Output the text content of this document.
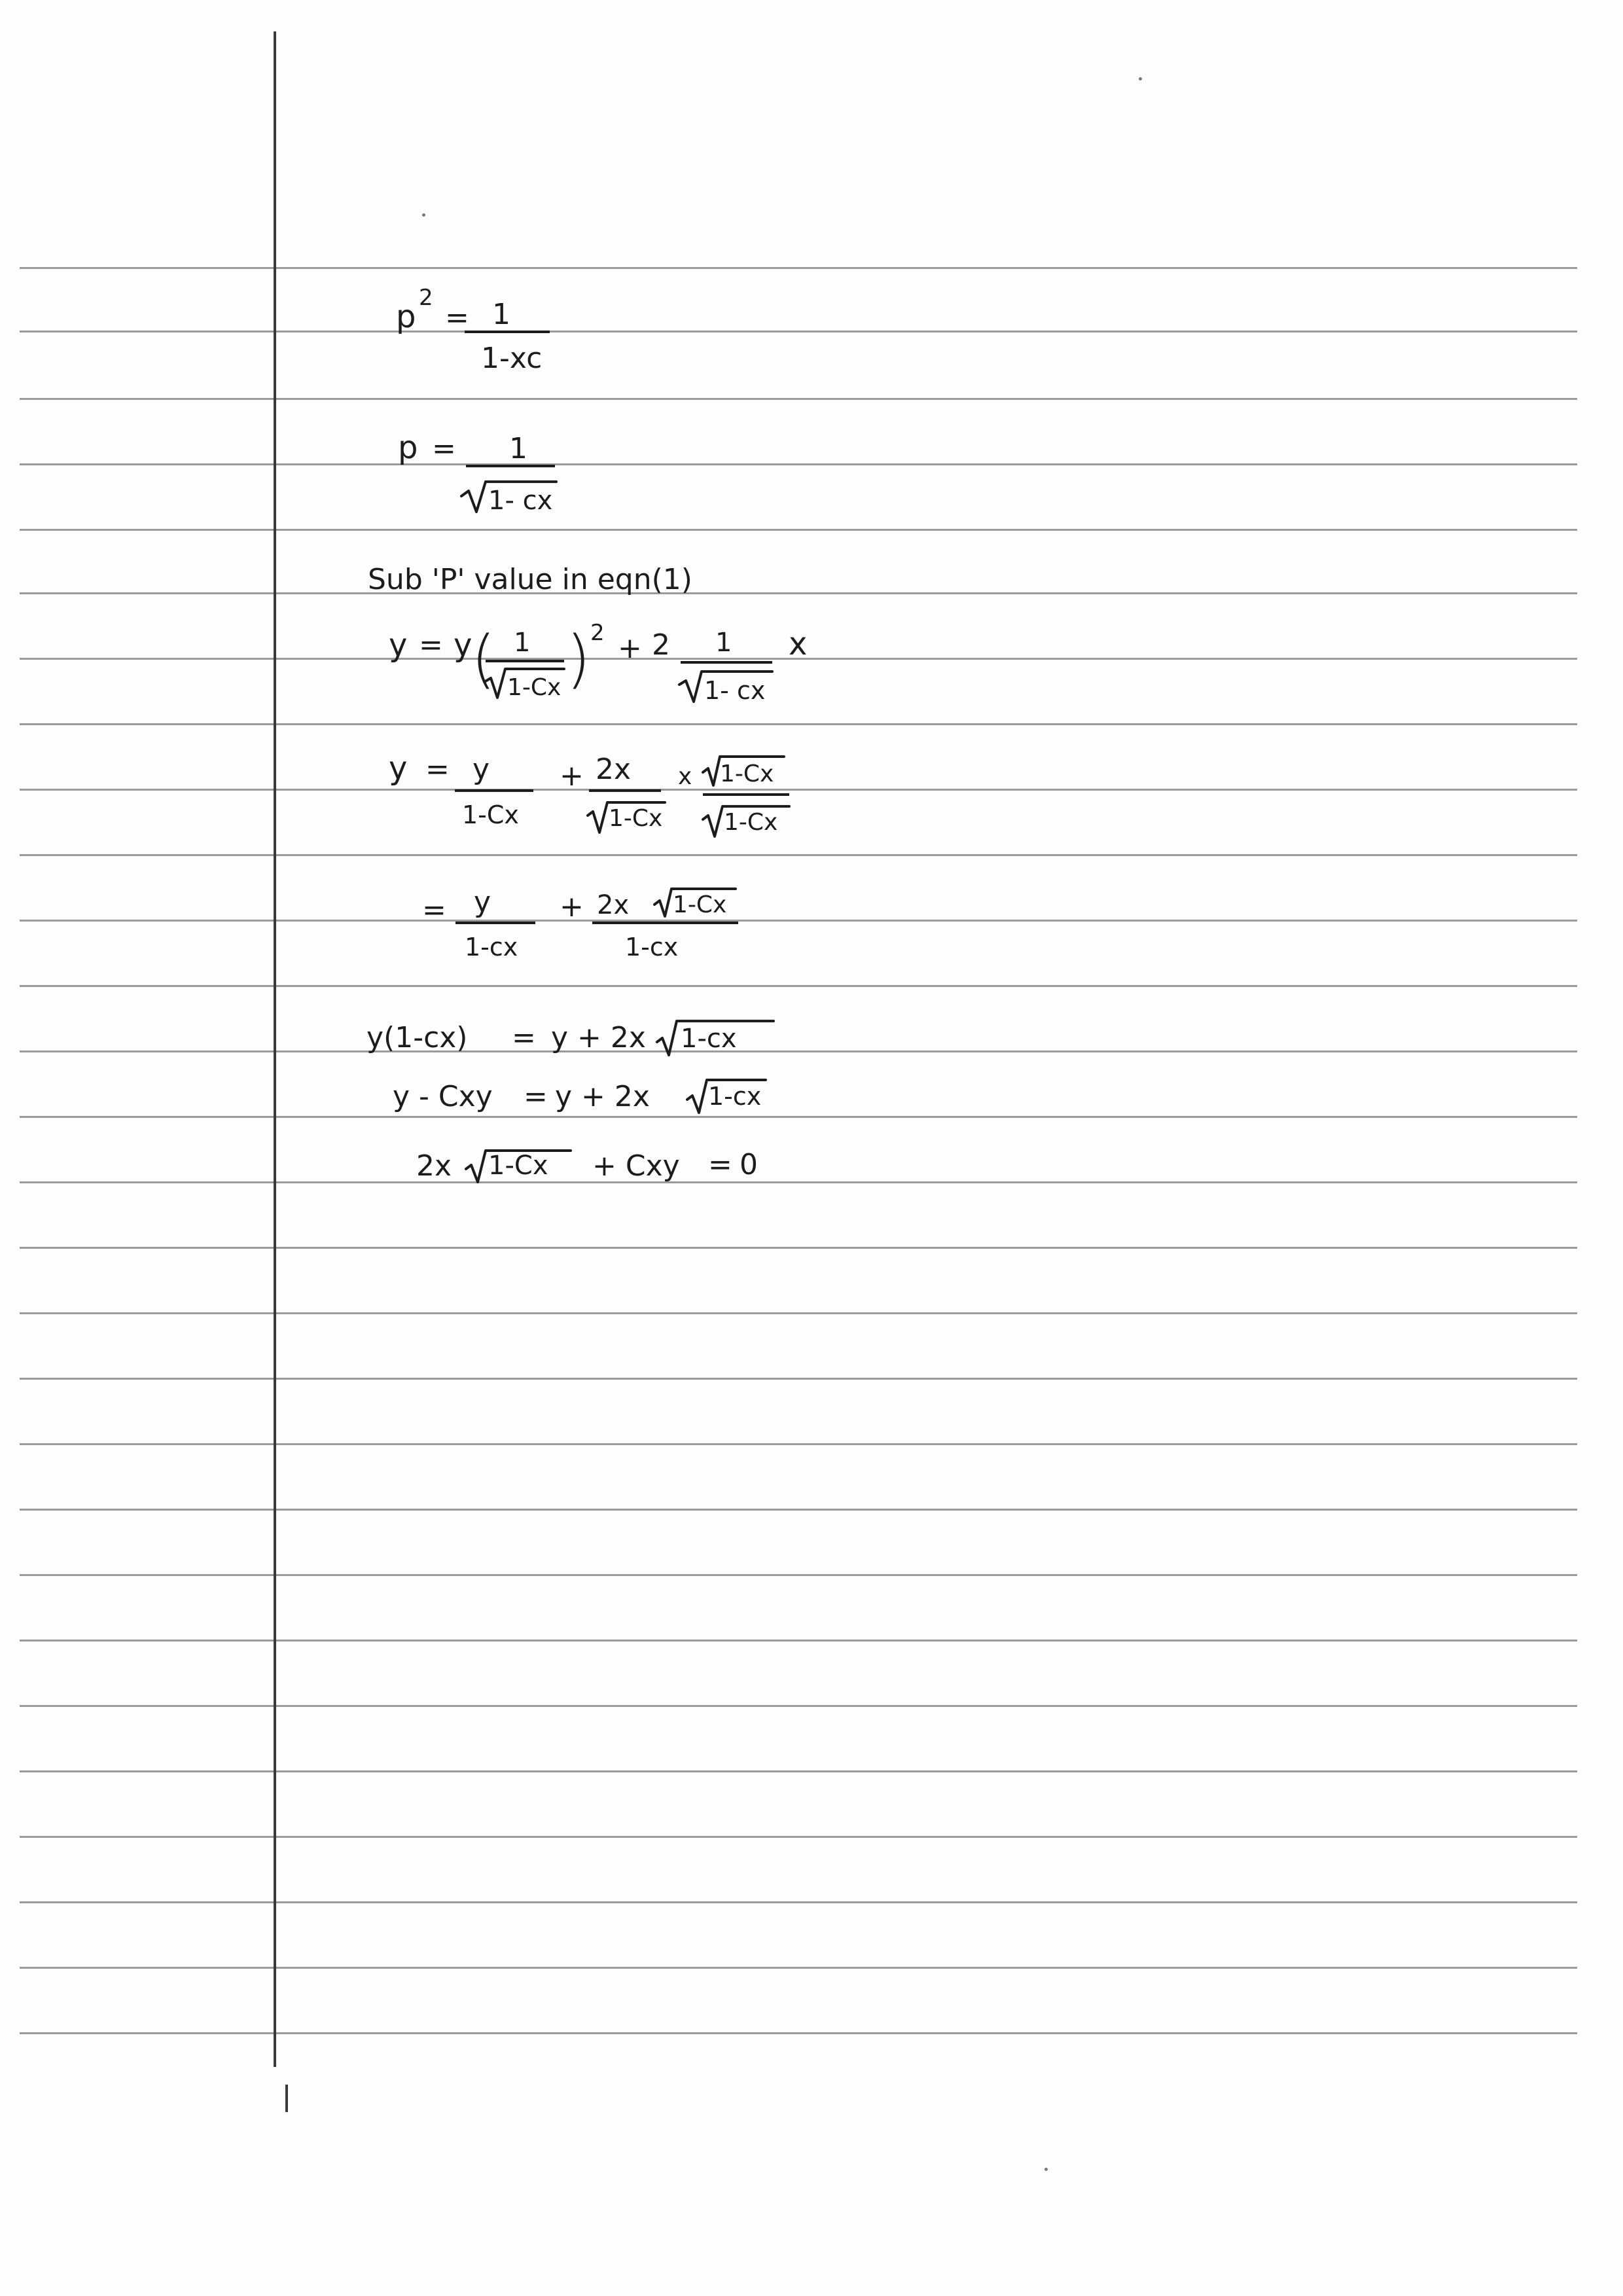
p
2
= 1
1-xc
p = 1
1- cx
Sub 'P' value in eqn(1)
y = y
( 1
1-Cx ) 2 + 2 1
1- cx
x
y = y
1-Cx
+ 2x
1-Cx
x 1-Cx
1-Cx
= y
1-cx
+ 2x 1-Cx
1-cx
y(1-cx) = y + 2x 1-cx
y - Cxy = y + 2x 1-cx
2x 1-Cx + Cxy = 0
